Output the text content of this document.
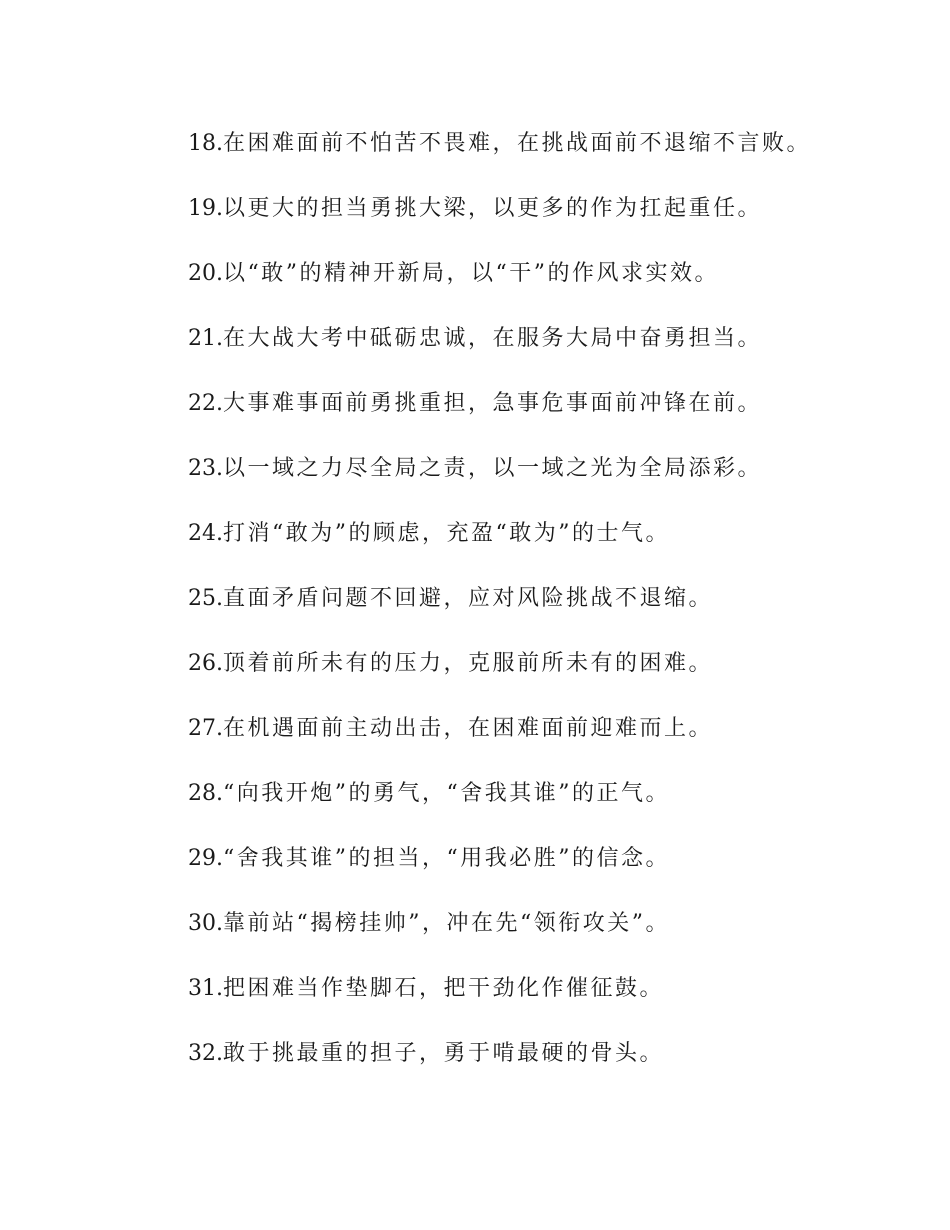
18.在困难面前不怕苦不畏难，在挑战面前不退缩不言败。
19.以更大的担当勇挑大梁，以更多的作为扛起重任。
20.以“敢”的精神开新局，以“干”的作风求实效。
21.在大战大考中砥砺忠诚，在服务大局中奋勇担当。
22.大事难事面前勇挑重担，急事危事面前冲锋在前。
23.以一域之力尽全局之责，以一域之光为全局添彩。
24.打消“敢为”的顾虑，充盈“敢为”的士气。
25.直面矛盾问题不回避，应对风险挑战不退缩。
26.顶着前所未有的压力，克服前所未有的困难。
27.在机遇面前主动出击，在困难面前迎难而上。
28.“向我开炮”的勇气，“舍我其谁”的正气。
29.“舍我其谁”的担当，“用我必胜”的信念。
30.靠前站“揭榜挂帅”，冲在先“领衔攻关”。
31.把困难当作垫脚石，把干劲化作催征鼓。
32.敢于挑最重的担子，勇于啃最硬的骨头。
